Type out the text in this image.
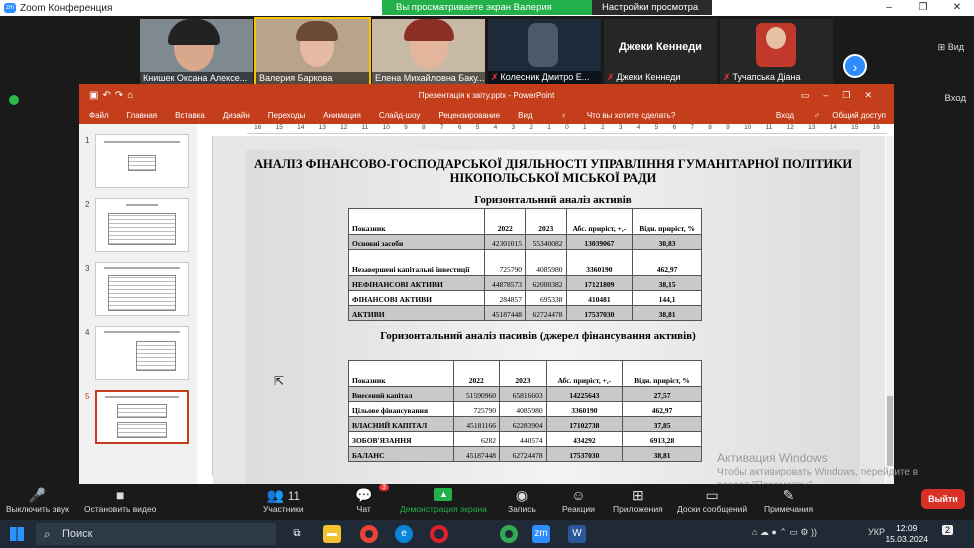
zm Zoom Конференция	–	❐	✕
Вы просматриваете экран Валерия	Настройки просмотра
Книшек Оксана Алексе...	Валерия Баркова	Елена Михайловна Баку... ✗ Колесник Дмитро Е...
Джеки Кеннеди
✗ Джеки Кеннеди	✗ Тучапська Діана
›
⊞ Вид
Вход
▣↶↷⌂	Презентація к звіту.pptx - PowerPoint	▭–❐✕
Файл Главная Вставка Дизайн Переходы Анимация Слайд-шоу Рецензирование Вид	♀ Что вы хотите сделать?	Вход	♂ Общий доступ
1
2
3
4
5
16 15 14 13 12 11 10 9 8 7 6 5 4 3 2 1 0 1 2 3 4 5 6 7 8 9 10 11 12 13 14 15 16
АНАЛІЗ ФІНАНСОВО-ГОСПОДАРСЬКОЇ ДІЯЛЬНОСТІ УПРАВЛІННЯ ГУМАНІТАРНОЇ ПОЛІТИКИ НІКОПОЛЬСЬКОЇ МІСЬКОЇ РАДИ
Горизонтальний аналіз активів
Показник	2022	2023	Абс. приріст, +,-	Відн. приріст, %
Основні засоби	42301015	55340082	13039067	30,83
Незавершені капітальні інвестиції	725790	4085980	3360190	462,97
НЕФІНАНСОВІ АКТИВИ	44878573	62000382	17121809	38,15
ФІНАНСОВІ АКТИВИ	284857	695338	410481	144,1
АКТИВИ	45187448	62724478	17537030	38,81
Горизонтальний аналіз пасивів (джерел фінансування активів)
Показник	2022	2023	Абс. приріст, +,-	Відн. приріст, %
Внесений капітал	51590960	65816603	14225643	27,57
Цільове фінансування	725790	4085980	3360190	462,97
ВЛАСНИЙ КАПІТАЛ	45181166	62283904	17102738	37,85
ЗОБОВ'ЯЗАННЯ	6282	440574	434292	6913,28
БАЛАНС	45187448	62724478	17537030	38,81
⇱
Активация Windows
Чтобы активировать Windows, перейдите в
🎤
Выключить звук
■
Остановить видео
👥 11
Участники
💬	3
Чат
▲
Демонстрация экрана
◉
Запись
☺
Реакции
⊞
Приложения
▭
Доски сообщений
✎
Примечания
Выйти
⌕ Поиск	⧉	▬	e	zm	W	⌂ ☁ ● ⌃ ▭ ⚙ ))	УКР	12:09
15.03.2024
2
